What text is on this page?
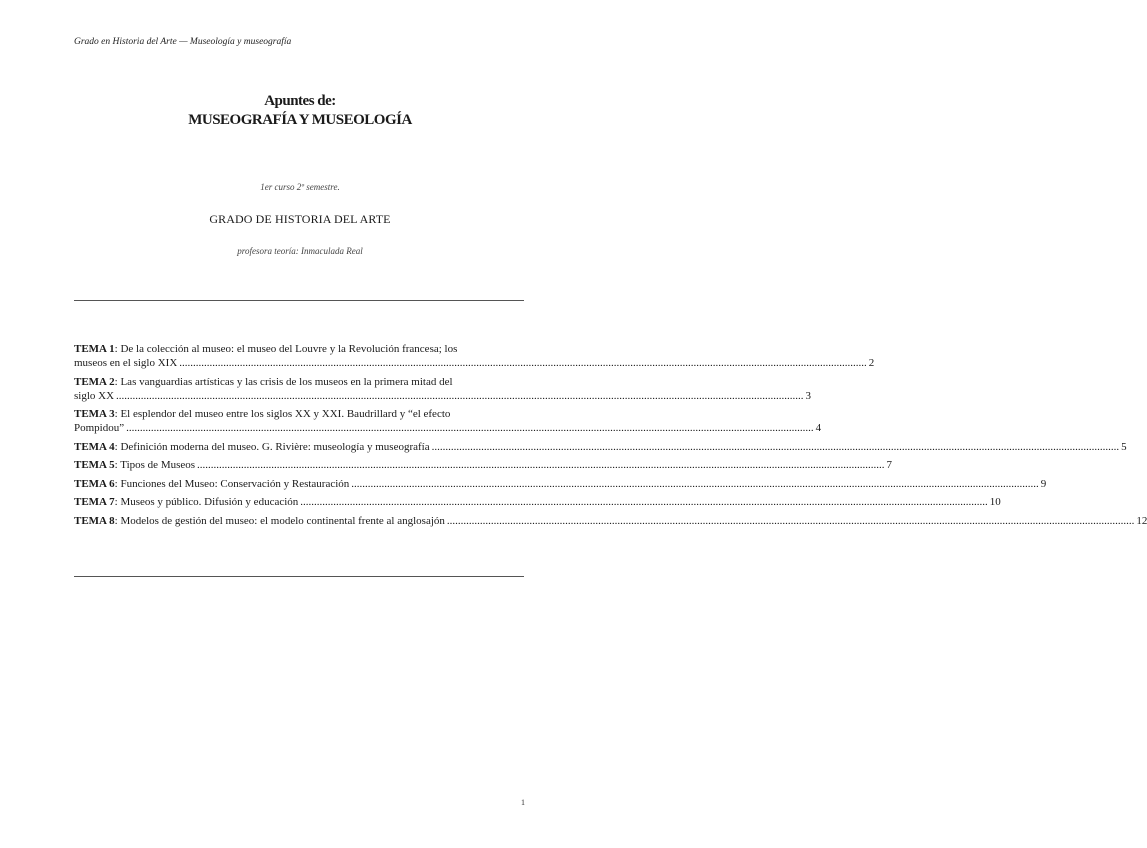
Grado en Historia del Arte — Museología y museografía
Apuntes de:
MUSEOGRAFÍA Y MUSEOLOGÍA
1er curso 2º semestre.
GRADO DE HISTORIA DEL ARTE
profesora teoría: Inmaculada Real
TEMA 1: De la colección al museo: el museo del Louvre y la Revolución francesa; los
museos en el siglo XIX .......................................................................................................................................................................................................................................................... 2
TEMA 2: Las vanguardias artísticas y las crisis de los museos en la primera mitad del
siglo XX .......................................................................................................................................................................................................................................................... 3
TEMA 3: El esplendor del museo entre los siglos XX y XXI. Baudrillard y “el efecto
Pompidou” .......................................................................................................................................................................................................................................................... 4
TEMA 4: Definición moderna del museo. G. Rivière: museología y museografía .......................................................................................................................................................................................................................................................... 5
TEMA 5: Tipos de Museos .......................................................................................................................................................................................................................................................... 7
TEMA 6: Funciones del Museo: Conservación y Restauración .......................................................................................................................................................................................................................................................... 9
TEMA 7: Museos y público. Difusión y educación .......................................................................................................................................................................................................................................................... 10
TEMA 8: Modelos de gestión del museo: el modelo continental frente al anglosajón .......................................................................................................................................................................................................................................................... 12
1
